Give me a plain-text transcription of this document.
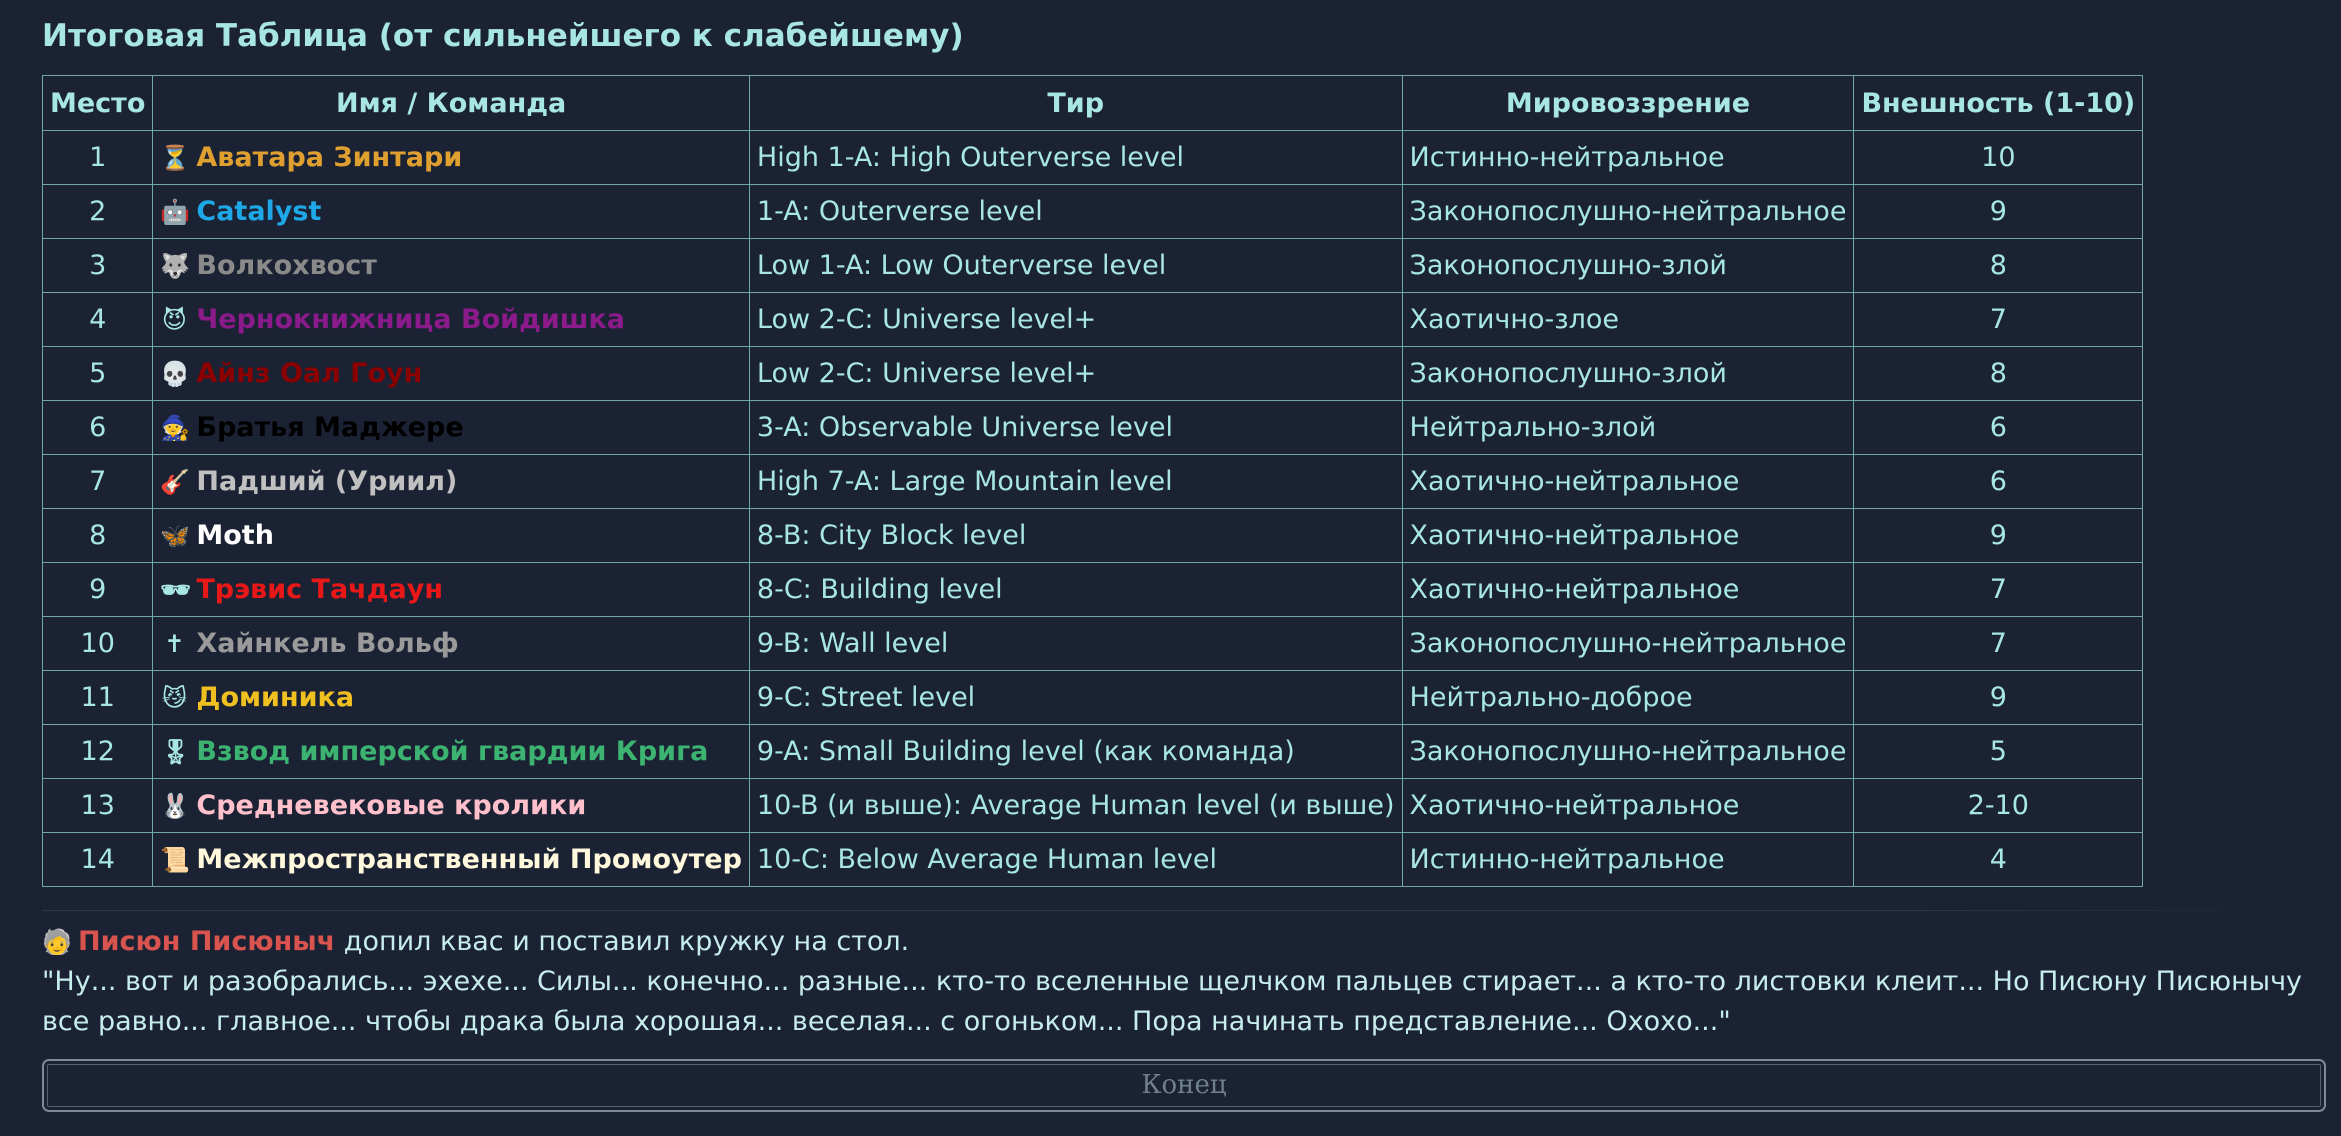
Итоговая Таблица (от сильнейшего к слабейшему)
Место	Имя / Команда	Тир	Мировоззрение	Внешность (1-10)
1	⏳ Аватара Зинтари	High 1-A: High Outerverse level	Истинно-нейтральное	10
2	🤖 Catalyst	1-A: Outerverse level	Законопослушно-нейтральное	9
3	🐺 Волкохвост	Low 1-A: Low Outerverse level	Законопослушно-злой	8
4	😈 Чернокнижница Войдишка	Low 2-C: Universe level+	Хаотично-злое	7
5	💀 Айнз Оал Гоун	Low 2-C: Universe level+	Законопослушно-злой	8
6	🧙 Братья Маджере	3-A: Observable Universe level	Нейтрально-злой	6
7	🎸 Падший (Уриил)	High 7-A: Large Mountain level	Хаотично-нейтральное	6
8	🦋 Moth	8-B: City Block level	Хаотично-нейтральное	9
9	🕶 Трэвис Тачдаун	8-C: Building level	Хаотично-нейтральное	7
10	✝ Хайнкель Вольф	9-B: Wall level	Законопослушно-нейтральное	7
11	😼 Доминика	9-C: Street level	Нейтрально-доброе	9
12	🎖 Взвод имперской гвардии Крига	9-A: Small Building level (как команда)	Законопослушно-нейтральное	5
13	🐰 Средневековые кролики	10-B (и выше): Average Human level (и выше)	Хаотично-нейтральное	2-10
14	📜 Межпространственный Промоутер	10-C: Below Average Human level	Истинно-нейтральное	4
🧓 Писюн Писюныч допил квас и поставил кружку на стол.
"Ну... вот и разобрались... эхехе... Силы... конечно... разные... кто-то вселенные щелчком пальцев стирает... а кто-то листовки клеит... Но Писюну Писюнычу все равно... главное... чтобы драка была хорошая... веселая... с огоньком... Пора начинать представление... Охохо..."
Конец
